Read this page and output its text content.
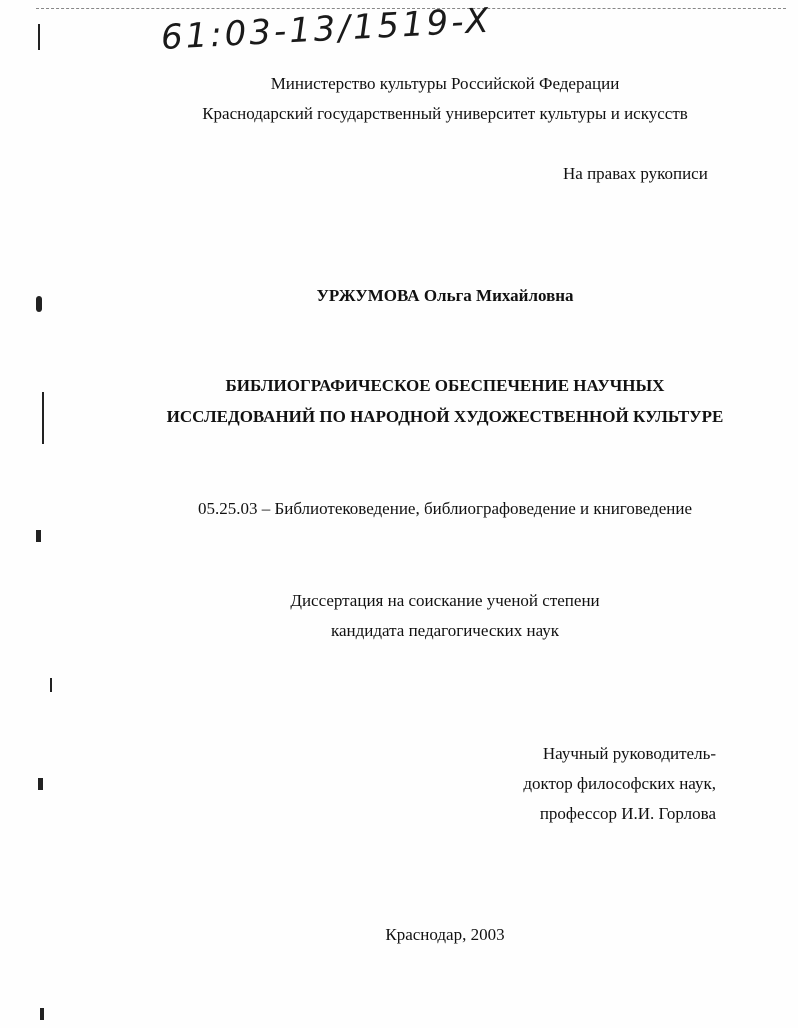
61:03-13/1519-X
Министерство культуры Российской Федерации
Краснодарский государственный университет культуры и искусств
На правах рукописи
УРЖУМОВА Ольга Михайловна
БИБЛИОГРАФИЧЕСКОЕ ОБЕСПЕЧЕНИЕ НАУЧНЫХ
ИССЛЕДОВАНИЙ ПО НАРОДНОЙ ХУДОЖЕСТВЕННОЙ КУЛЬТУРЕ
05.25.03 – Библиотековедение, библиографоведение и книговедение
Диссертация на соискание ученой степени
кандидата педагогических наук
Научный руководитель-
доктор философских наук,
профессор И.И. Горлова
Краснодар, 2003
